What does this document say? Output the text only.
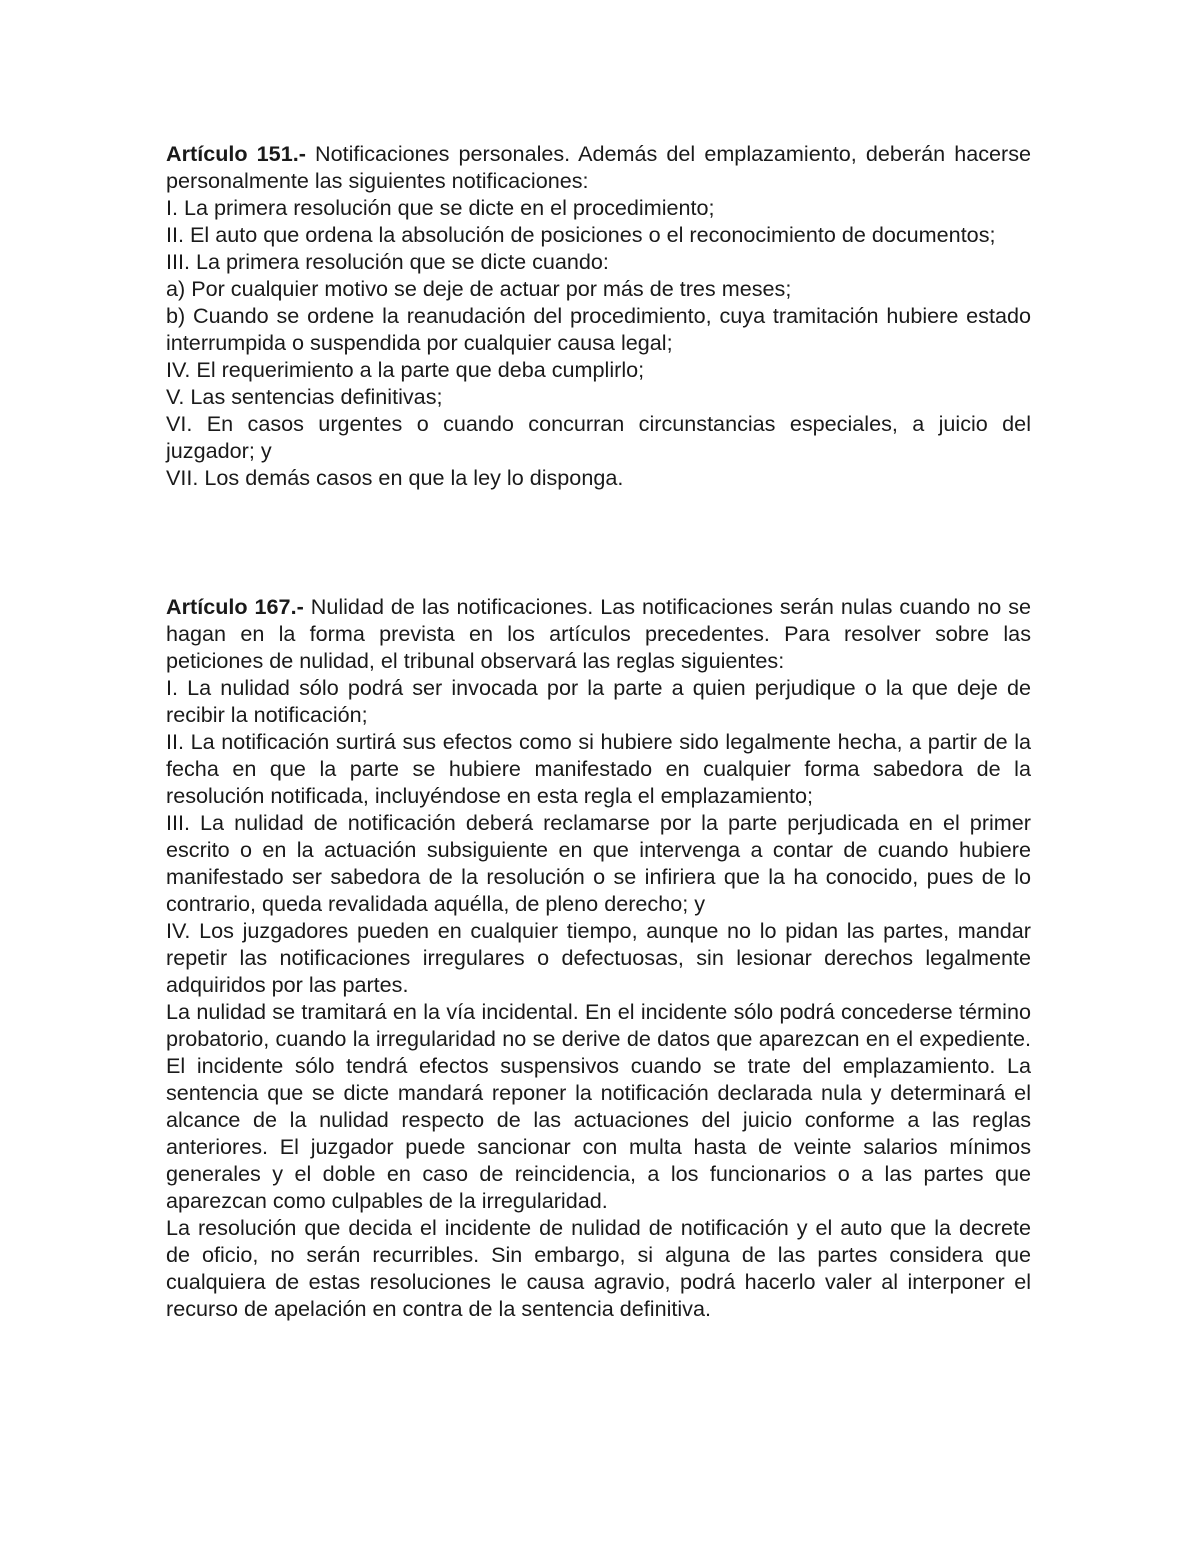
Artículo 151.- Notificaciones personales. Además del emplazamiento, deberán hacerse personalmente las siguientes notificaciones:

I. La primera resolución que se dicte en el procedimiento;

II. El auto que ordena la absolución de posiciones o el reconocimiento de documentos;

III. La primera resolución que se dicte cuando:

a) Por cualquier motivo se deje de actuar por más de tres meses;

b) Cuando se ordene la reanudación del procedimiento, cuya tramitación hubiere estado interrumpida o suspendida por cualquier causa legal;

IV. El requerimiento a la parte que deba cumplirlo;

V. Las sentencias definitivas;

VI. En casos urgentes o cuando concurran circunstancias especiales, a juicio del juzgador; y

VII. Los demás casos en que la ley lo disponga.

Artículo 167.- Nulidad de las notificaciones. Las notificaciones serán nulas cuando no se hagan en la forma prevista en los artículos precedentes. Para resolver sobre las peticiones de nulidad, el tribunal observará las reglas siguientes:

I. La nulidad sólo podrá ser invocada por la parte a quien perjudique o la que deje de recibir la notificación;

II. La notificación surtirá sus efectos como si hubiere sido legalmente hecha, a partir de la fecha en que la parte se hubiere manifestado en cualquier forma sabedora de la resolución notificada, incluyéndose en esta regla el emplazamiento;

III. La nulidad de notificación deberá reclamarse por la parte perjudicada en el primer escrito o en la actuación subsiguiente en que intervenga a contar de cuando hubiere manifestado ser sabedora de la resolución o se infiriera que la ha conocido, pues de lo contrario, queda revalidada aquélla, de pleno derecho; y

IV. Los juzgadores pueden en cualquier tiempo, aunque no lo pidan las partes, mandar repetir las notificaciones irregulares o defectuosas, sin lesionar derechos legalmente adquiridos por las partes.

La nulidad se tramitará en la vía incidental. En el incidente sólo podrá concederse término probatorio, cuando la irregularidad no se derive de datos que aparezcan en el expediente. El incidente sólo tendrá efectos suspensivos cuando se trate del emplazamiento. La sentencia que se dicte mandará reponer la notificación declarada nula y determinará el alcance de la nulidad respecto de las actuaciones del juicio conforme a las reglas anteriores. El juzgador puede sancionar con multa hasta de veinte salarios mínimos generales y el doble en caso de reincidencia, a los funcionarios o a las partes que aparezcan como culpables de la irregularidad.

La resolución que decida el incidente de nulidad de notificación y el auto que la decrete de oficio, no serán recurribles. Sin embargo, si alguna de las partes considera que cualquiera de estas resoluciones le causa agravio, podrá hacerlo valer al interponer el recurso de apelación en contra de la sentencia definitiva.
